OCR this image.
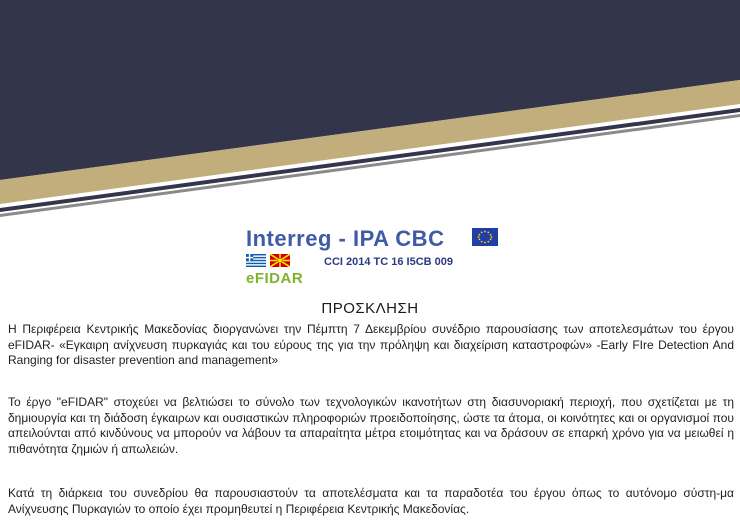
Interreg - IPA CBC
CCI 2014 TC 16 I5CB 009
eFIDAR
ΠΡΟΣΚΛΗΣΗ

Η Περιφέρεια Κεντρικής Μακεδονίας διοργανώνει την Πέμπτη 7 Δεκεμβρίου συνέδριο παρουσίασης των αποτελεσμάτων του έργου eFIDAR- «Εγκαιρη ανίχνευση πυρκαγιάς και του εύρους της για την πρόληψη και διαχείριση καταστροφών» -Early FIre Detection And Ranging for disaster prevention and management»

Το έργο "eFIDAR" στοχεύει να βελτιώσει το σύνολο των τεχνολογικών ικανοτήτων στη διασυνοριακή περιοχή, που σχετίζεται με τη δημιουργία και τη διάδοση έγκαιρων και ουσιαστικών πληροφοριών προειδοποίησης, ώστε τα άτομα, οι κοινότητες και οι οργανισμοί που απειλούνται από κινδύνους να μπορούν να λάβουν τα απαραίτητα μέτρα ετοιμότητας και να δράσουν σε επαρκή χρόνο για να μειωθεί η πιθανότητα ζημιών ή απωλειών.

Κατά τη διάρκεια του συνεδρίου θα παρουσιαστούν τα αποτελέσματα και τα παραδοτέα του έργου όπως το αυτόνομο σύστη-μα Ανίχνευσης Πυρκαγιών το οποίο έχει προμηθευτεί η Περιφέρεια Κεντρικής Μακεδονίας.
